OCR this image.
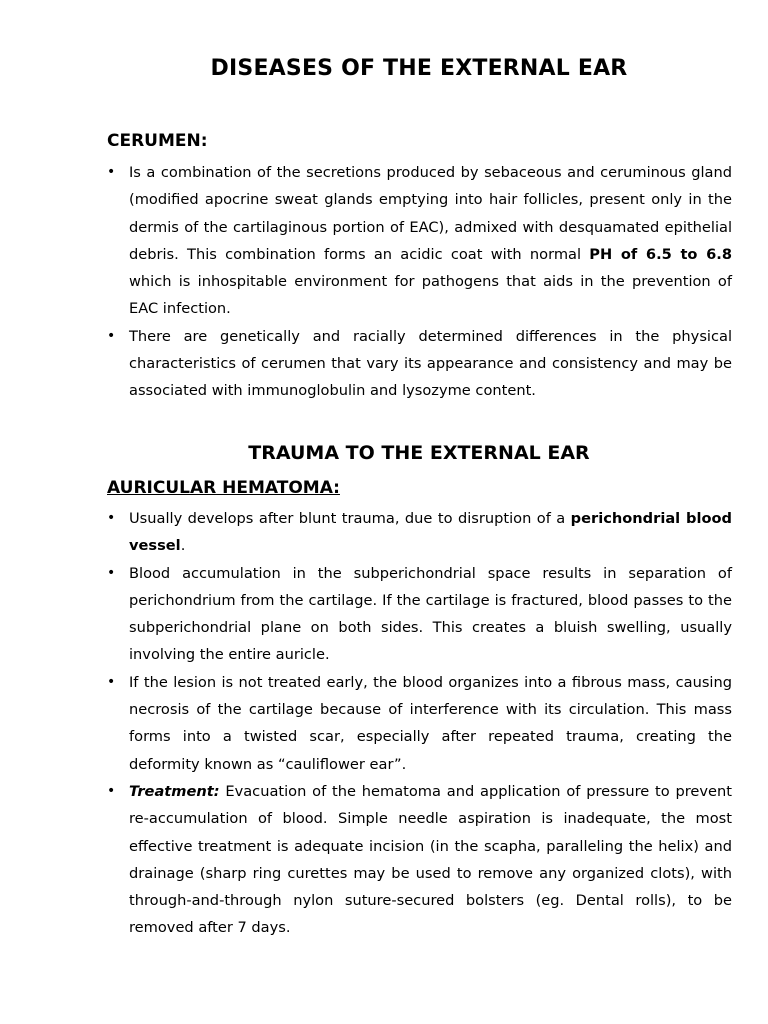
DISEASES OF THE EXTERNAL EAR
CERUMEN:
• Is a combination of the secretions produced by sebaceous and ceruminous gland (modified apocrine sweat glands emptying into hair follicles, present only in the dermis of the cartilaginous portion of EAC), admixed with desquamated epithelial debris. This combination forms an acidic coat with normal PH of 6.5 to 6.8 which is inhospitable environment for pathogens that aids in the prevention of EAC infection.
• There are genetically and racially determined differences in the physical characteristics of cerumen that vary its appearance and consistency and may be associated with immunoglobulin and lysozyme content.
TRAUMA TO THE EXTERNAL EAR
AURICULAR HEMATOMA:
• Usually develops after blunt trauma, due to disruption of a perichondrial blood vessel.
• Blood accumulation in the subperichondrial space results in separation of perichondrium from the cartilage. If the cartilage is fractured, blood passes to the subperichondrial plane on both sides. This creates a bluish swelling, usually involving the entire auricle.
• If the lesion is not treated early, the blood organizes into a fibrous mass, causing necrosis of the cartilage because of interference with its circulation. This mass forms into a twisted scar, especially after repeated trauma, creating the deformity known as “cauliflower ear”.
• Treatment: Evacuation of the hematoma and application of pressure to prevent re-accumulation of blood. Simple needle aspiration is inadequate, the most effective treatment is adequate incision (in the scapha, paralleling the helix) and drainage (sharp ring curettes may be used to remove any organized clots), with through-and-through nylon suture-secured bolsters (eg. Dental rolls), to be removed after 7 days.
